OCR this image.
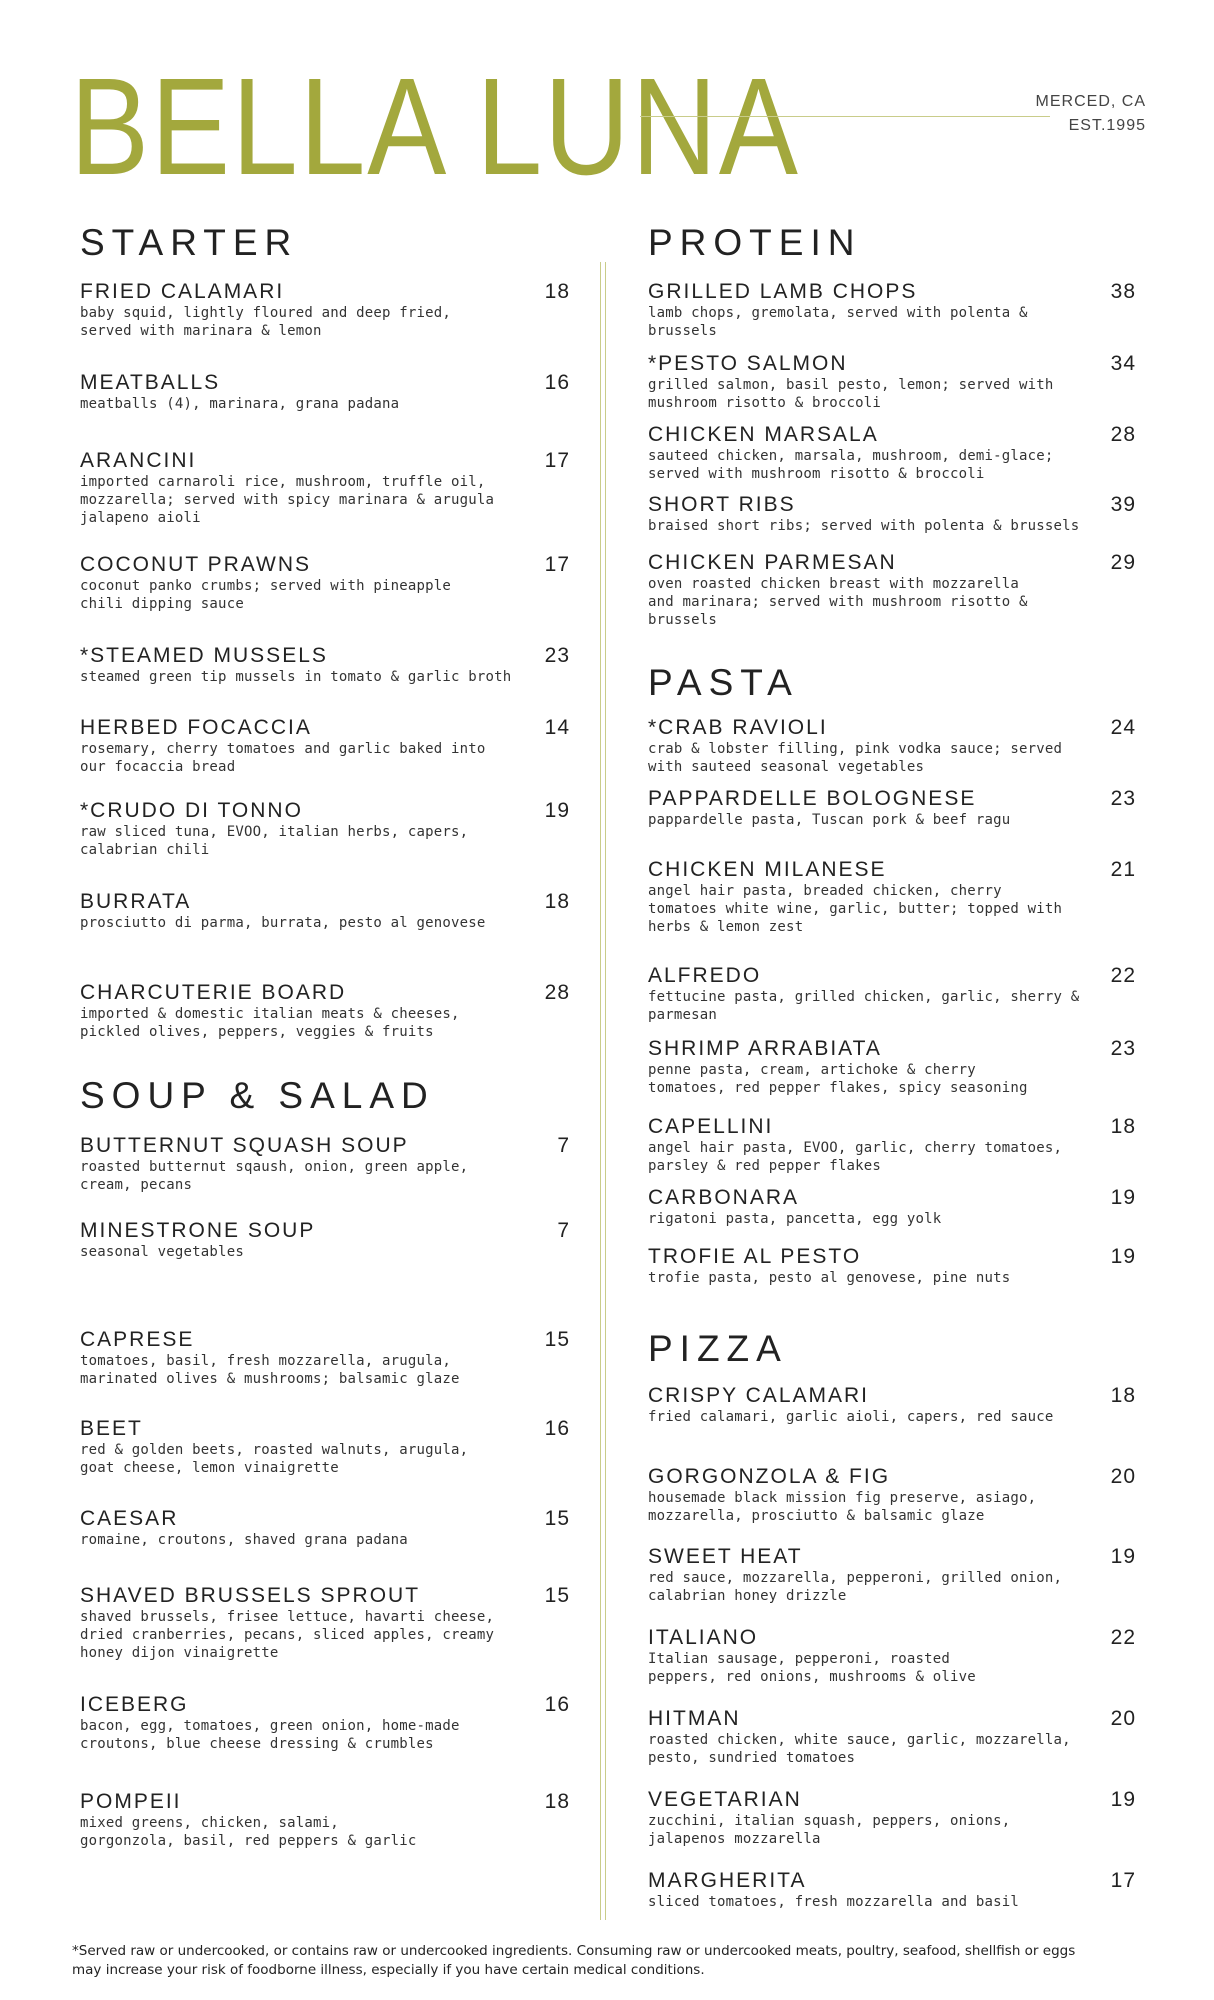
BELLA LUNA	MERCED, CA
EST.1995
STARTER
FRIED CALAMARI	18
baby squid, lightly floured and deep fried,
served with marinara & lemon
MEATBALLS	16
meatballs (4), marinara, grana padana
ARANCINI	17
imported carnaroli rice, mushroom, truffle oil,
mozzarella; served with spicy marinara & arugula
jalapeno aioli
COCONUT PRAWNS	17
coconut panko crumbs; served with pineapple
chili dipping sauce
*STEAMED MUSSELS	23
steamed green tip mussels in tomato & garlic broth
HERBED FOCACCIA	14
rosemary, cherry tomatoes and garlic baked into
our focaccia bread
*CRUDO DI TONNO	19
raw sliced tuna, EVOO, italian herbs, capers,
calabrian chili
BURRATA	18
prosciutto di parma, burrata, pesto al genovese
CHARCUTERIE BOARD	28
imported & domestic italian meats & cheeses,
pickled olives, peppers, veggies & fruits
SOUP & SALAD
BUTTERNUT SQUASH SOUP	7
roasted butternut sqaush, onion, green apple,
cream, pecans
MINESTRONE SOUP	7
seasonal vegetables
CAPRESE	15
tomatoes, basil, fresh mozzarella, arugula,
marinated olives & mushrooms; balsamic glaze
BEET	16
red & golden beets, roasted walnuts, arugula,
goat cheese, lemon vinaigrette
CAESAR	15
romaine, croutons, shaved grana padana
SHAVED BRUSSELS SPROUT	15
shaved brussels, frisee lettuce, havarti cheese,
dried cranberries, pecans, sliced apples, creamy
honey dijon vinaigrette
ICEBERG	16
bacon, egg, tomatoes, green onion, home-made
croutons, blue cheese dressing & crumbles
POMPEII	18
mixed greens, chicken, salami,
gorgonzola, basil, red peppers & garlic
PROTEIN
GRILLED LAMB CHOPS	38
lamb chops, gremolata, served with polenta &
brussels
*PESTO SALMON	34
grilled salmon, basil pesto, lemon; served with
mushroom risotto & broccoli
CHICKEN MARSALA	28
sauteed chicken, marsala, mushroom, demi-glace;
served with mushroom risotto & broccoli
SHORT RIBS	39
braised short ribs; served with polenta & brussels
CHICKEN PARMESAN	29
oven roasted chicken breast with mozzarella
and marinara; served with mushroom risotto &
brussels
PASTA
*CRAB RAVIOLI	24
crab & lobster filling, pink vodka sauce; served
with sauteed seasonal vegetables
PAPPARDELLE BOLOGNESE	23
pappardelle pasta, Tuscan pork & beef ragu
CHICKEN MILANESE	21
angel hair pasta, breaded chicken, cherry
tomatoes white wine, garlic, butter; topped with
herbs & lemon zest
ALFREDO	22
fettucine pasta, grilled chicken, garlic, sherry &
parmesan
SHRIMP ARRABIATA	23
penne pasta, cream, artichoke & cherry
tomatoes, red pepper flakes, spicy seasoning
CAPELLINI	18
angel hair pasta, EVOO, garlic, cherry tomatoes,
parsley & red pepper flakes
CARBONARA	19
rigatoni pasta, pancetta, egg yolk
TROFIE AL PESTO	19
trofie pasta, pesto al genovese, pine nuts
PIZZA
CRISPY CALAMARI	18
fried calamari, garlic aioli, capers, red sauce
GORGONZOLA & FIG	20
housemade black mission fig preserve, asiago,
mozzarella, prosciutto & balsamic glaze
SWEET HEAT	19
red sauce, mozzarella, pepperoni, grilled onion,
calabrian honey drizzle
ITALIANO	22
Italian sausage, pepperoni, roasted
peppers, red onions, mushrooms & olive
HITMAN	20
roasted chicken, white sauce, garlic, mozzarella,
pesto, sundried tomatoes
VEGETARIAN	19
zucchini, italian squash, peppers, onions,
jalapenos mozzarella
MARGHERITA	17
sliced tomatoes, fresh mozzarella and basil
*Served raw or undercooked, or contains raw or undercooked ingredients. Consuming raw or undercooked meats, poultry, seafood, shellfish or eggs
may increase your risk of foodborne illness, especially if you have certain medical conditions.
